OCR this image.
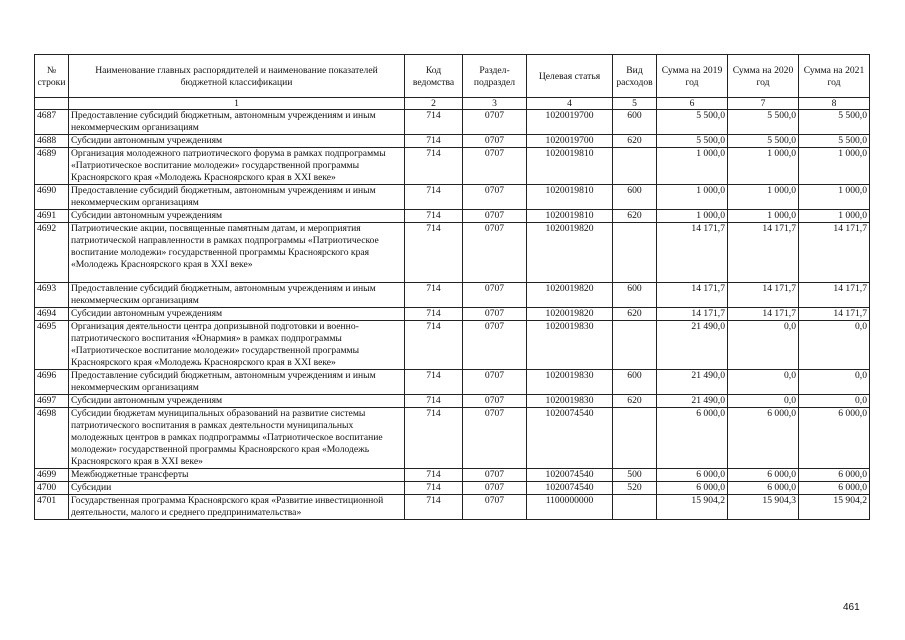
№ строки	Наименование главных распорядителей и наименование показателей бюджетной классификации	Код ведомства	Раздел-подраздел	Целевая статья	Вид расходов	Сумма на 2019 год	Сумма на 2020 год	Сумма на 2021 год
	1	2	3	4	5	6	7	8
4687	Предоставление субсидий бюджетным, автономным учреждениям и иным некоммерческим организациям	714	0707	1020019700	600	5 500,0	5 500,0	5 500,0
4688	Субсидии автономным учреждениям	714	0707	1020019700	620	5 500,0	5 500,0	5 500,0
4689	Организация молодежного патриотического форума в рамках подпрограммы «Патриотическое воспитание молодежи» государственной программы Красноярского края «Молодежь Красноярского края в XXI веке»	714	0707	1020019810		1 000,0	1 000,0	1 000,0
4690	Предоставление субсидий бюджетным, автономным учреждениям и иным некоммерческим организациям	714	0707	1020019810	600	1 000,0	1 000,0	1 000,0
4691	Субсидии автономным учреждениям	714	0707	1020019810	620	1 000,0	1 000,0	1 000,0
4692	Патриотические акции, посвященные памятным датам, и мероприятия патриотической направленности в рамках подпрограммы «Патриотическое воспитание молодежи» государственной программы Красноярского края «Молодежь Красноярского края в XXI веке»	714	0707	1020019820		14 171,7	14 171,7	14 171,7
4693	Предоставление субсидий бюджетным, автономным учреждениям и иным некоммерческим организациям	714	0707	1020019820	600	14 171,7	14 171,7	14 171,7
4694	Субсидии автономным учреждениям	714	0707	1020019820	620	14 171,7	14 171,7	14 171,7
4695	Организация деятельности центра допризывной подготовки и военно-патриотического воспитания «Юнармия» в рамках подпрограммы «Патриотическое воспитание молодежи» государственной программы Красноярского края «Молодежь Красноярского края в XXI веке»	714	0707	1020019830		21 490,0	0,0	0,0
4696	Предоставление субсидий бюджетным, автономным учреждениям и иным некоммерческим организациям	714	0707	1020019830	600	21 490,0	0,0	0,0
4697	Субсидии автономным учреждениям	714	0707	1020019830	620	21 490,0	0,0	0,0
4698	Субсидии бюджетам муниципальных образований на развитие системы патриотического воспитания в рамках деятельности муниципальных молодежных центров в рамках подпрограммы «Патриотическое воспитание молодежи» государственной программы Красноярского края «Молодежь Красноярского края в XXI веке»	714	0707	1020074540		6 000,0	6 000,0	6 000,0
4699	Межбюджетные трансферты	714	0707	1020074540	500	6 000,0	6 000,0	6 000,0
4700	Субсидии	714	0707	1020074540	520	6 000,0	6 000,0	6 000,0
4701	Государственная программа Красноярского края «Развитие инвестиционной деятельности, малого и среднего предпринимательства»	714	0707	1100000000		15 904,2	15 904,3	15 904,2
461
